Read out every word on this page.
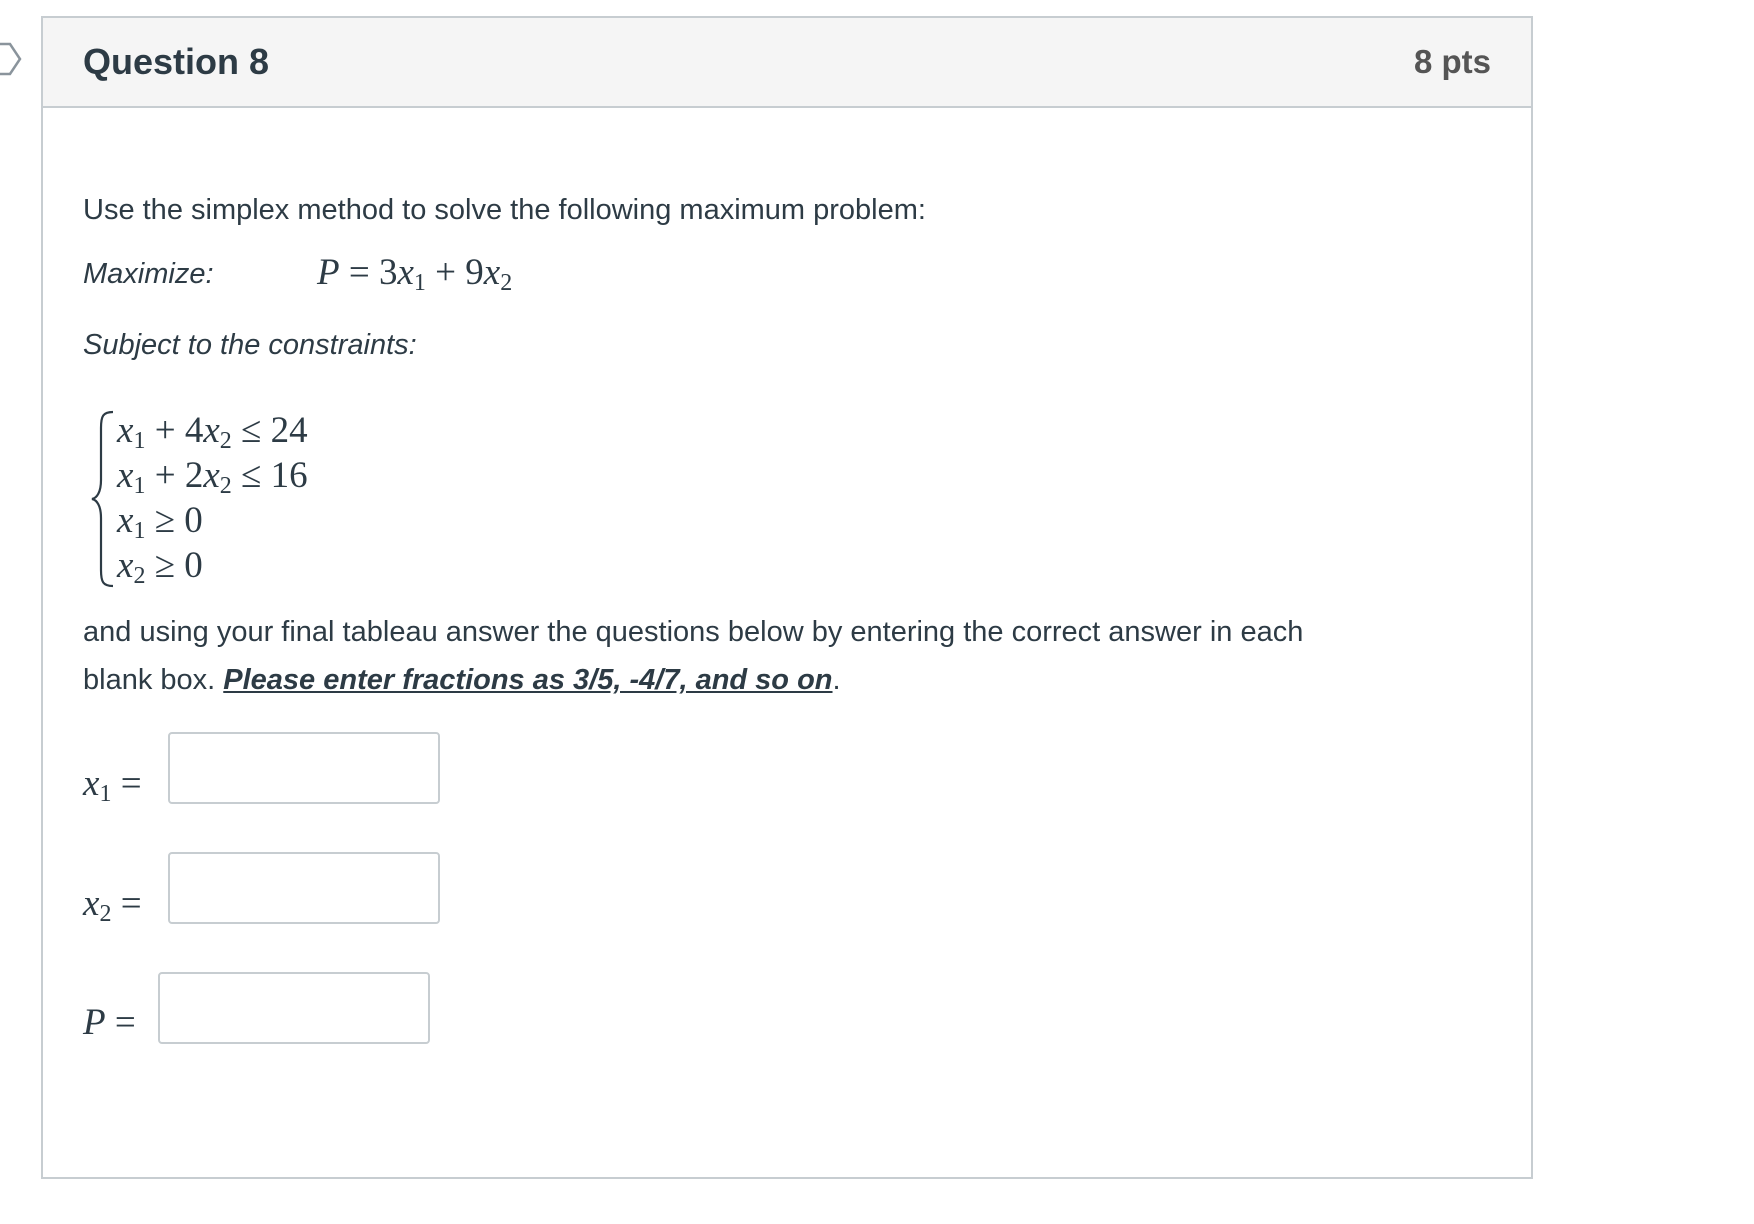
Question 8	8 pts
Use the simplex method to solve the following maximum problem:
Maximize:	$P = 3x_1 + 9x_2$
Subject to the constraints:
$x_1 + 4x_2 \le 24$
$x_1 + 2x_2 \le 16$
$x_1 \ge 0$
$x_2 \ge 0$
and using your final tableau answer the questions below by entering the correct answer in each
blank box. Please enter fractions as 3/5, -4/7, and so on.
$x_1$ =
$x_2$ =
P =
